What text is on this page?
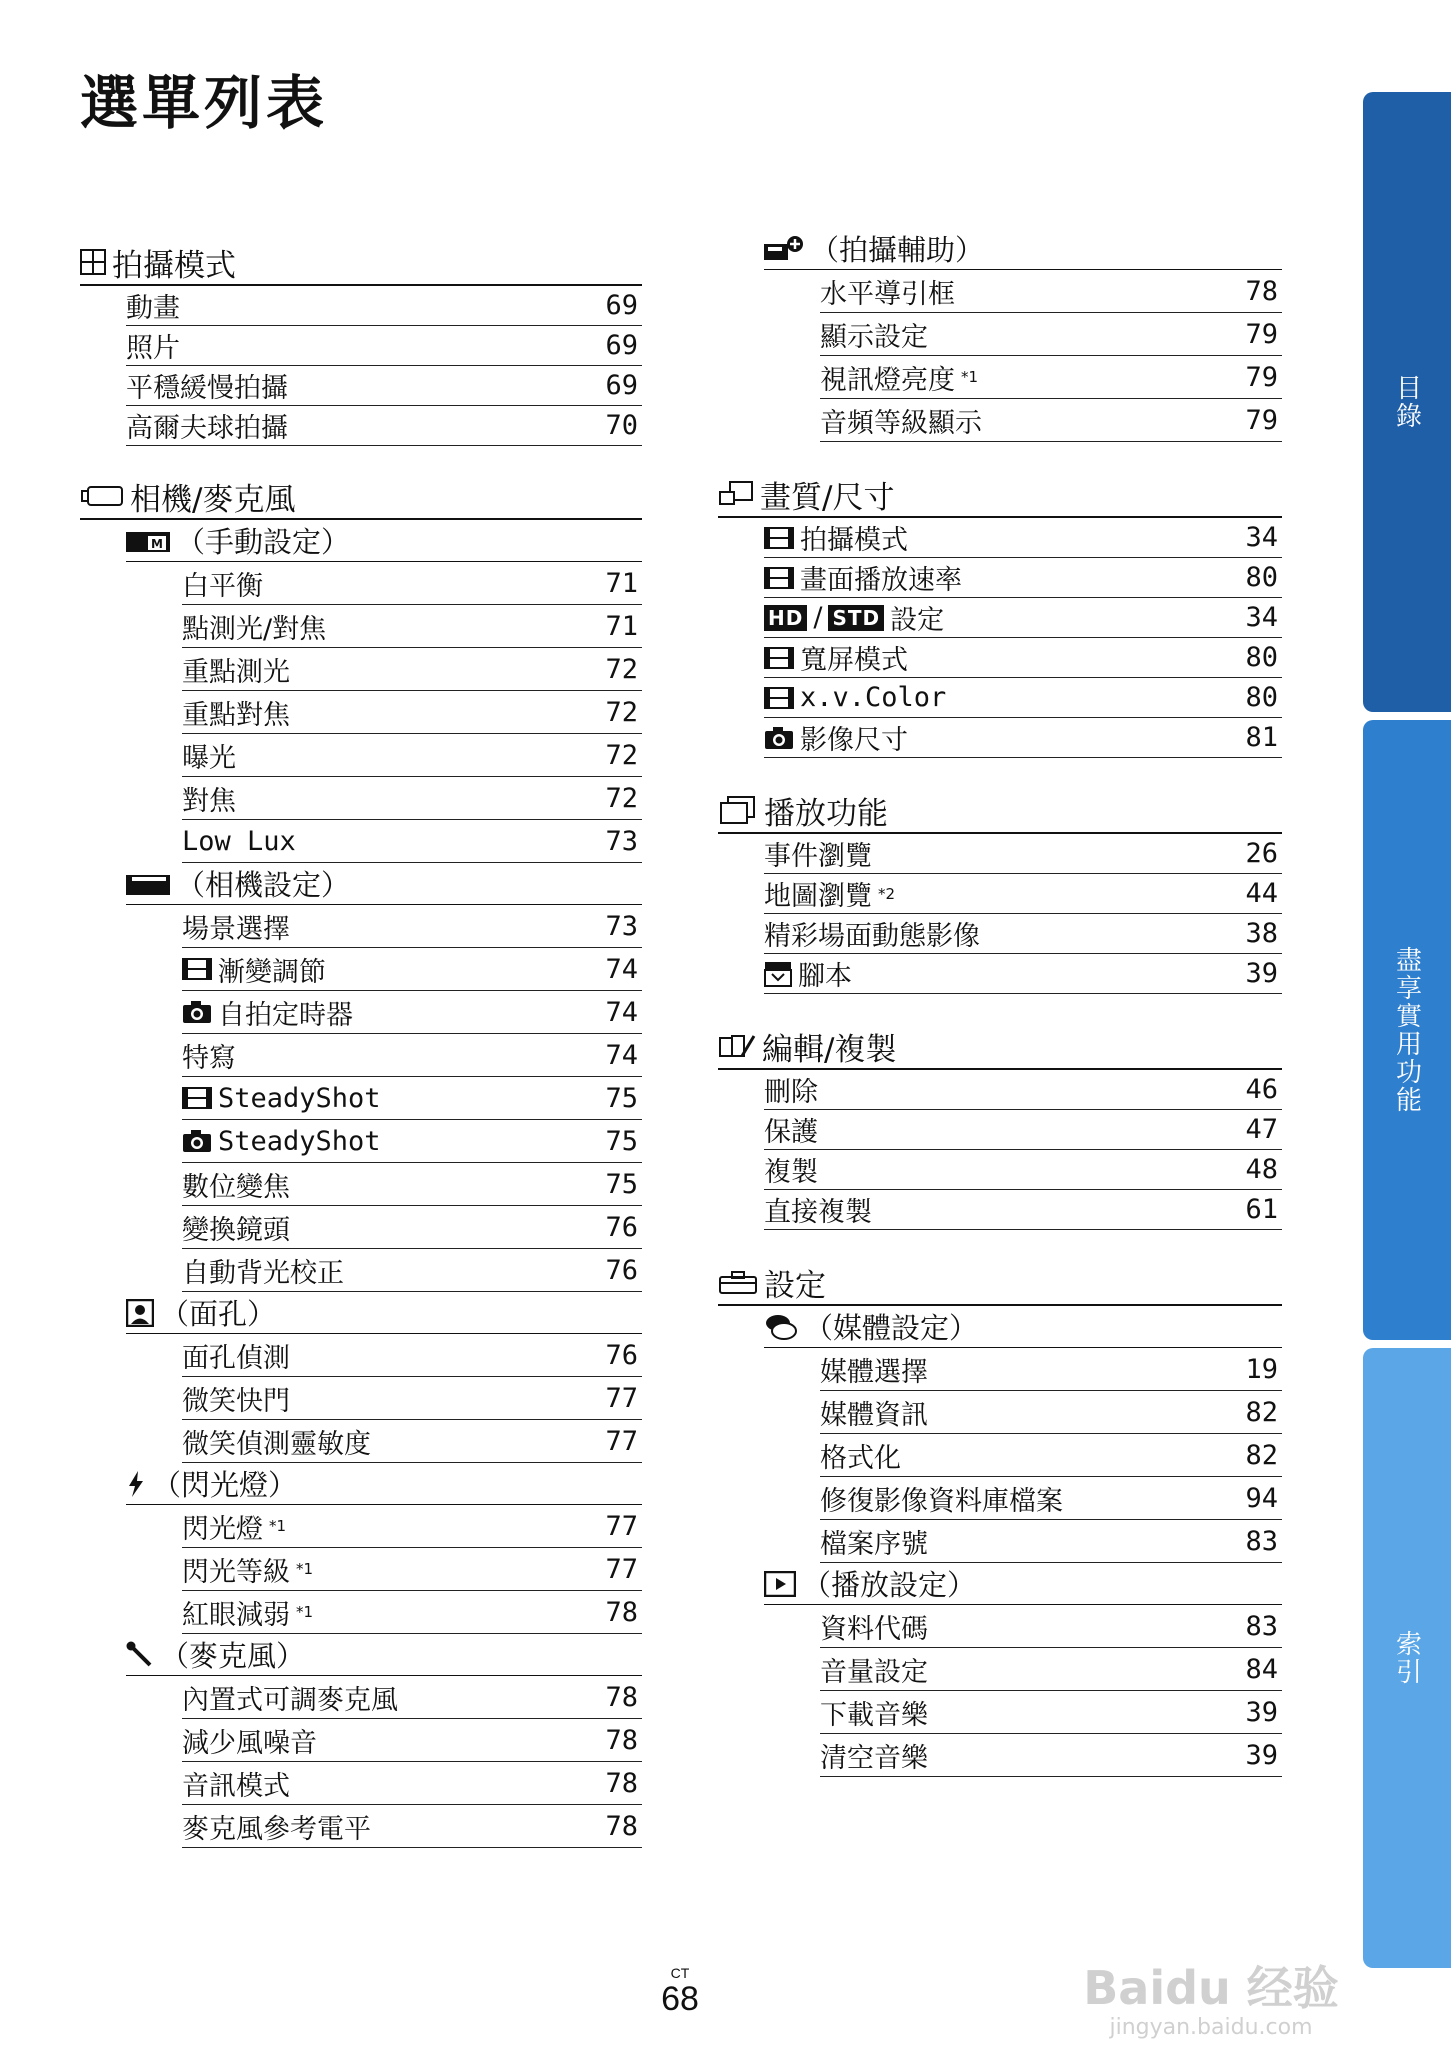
選單列表
拍攝模式
動畫	69
照片	69
平穩緩慢拍攝	69
高爾夫球拍攝	70
相機/麥克風
M （手動設定）
白平衡	71
點測光/對焦	71
重點測光	72
重點對焦	72
曝光	72
對焦	72
Low Lux	73
（相機設定）
場景選擇	73
漸變調節	74
自拍定時器	74
特寫	74
SteadyShot	75
SteadyShot	75
數位變焦	75
變換鏡頭	76
自動背光校正	76
（面孔）
面孔偵測	76
微笑快門	77
微笑偵測靈敏度	77
（閃光燈）
閃光燈 *1	77
閃光等級 *1	77
紅眼減弱 *1	78
（麥克風）
內置式可調麥克風	78
減少風噪音	78
音訊模式	78
麥克風參考電平	78
（拍攝輔助）
水平導引框	78
顯示設定	79
視訊燈亮度 *1	79
音頻等級顯示	79
畫質/尺寸
拍攝模式	34
畫面播放速率	80
HD / STD 設定	34
寬屏模式	80
x.v.Color	80
影像尺寸	81
播放功能
事件瀏覽	26
地圖瀏覽 *2	44
精彩場面動態影像	38
腳本	39
編輯/複製
刪除	46
保護	47
複製	48
直接複製	61
設定
（媒體設定）
媒體選擇	19
媒體資訊	82
格式化	82
修復影像資料庫檔案	94
檔案序號	83
（播放設定）
資料代碼	83
音量設定	84
下載音樂	39
清空音樂	39
目錄
盡享實用功能
索引
CT
68	Baidu 经验
jingyan.baidu.com
